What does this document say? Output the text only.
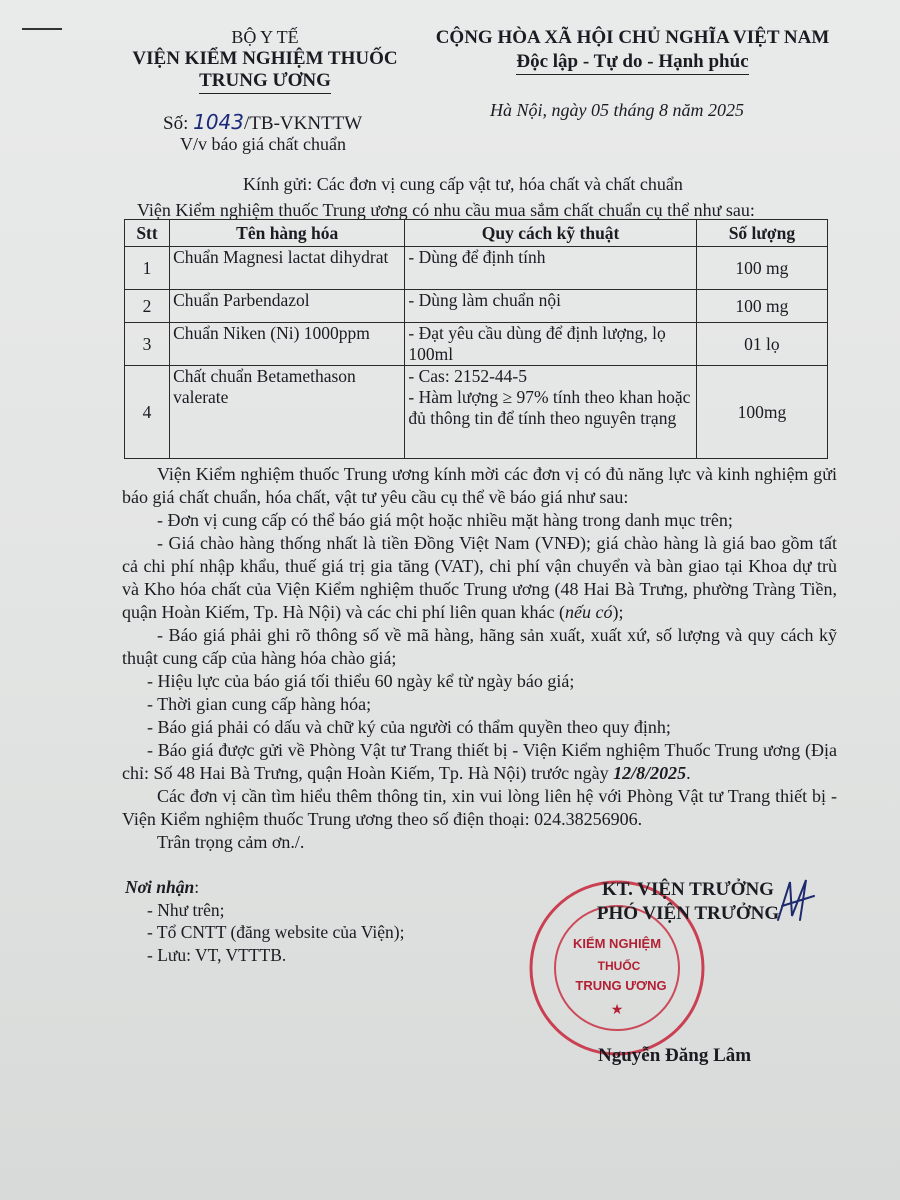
BỘ Y TẾ
VIỆN KIỂM NGHIỆM THUỐC
TRUNG ƯƠNG
CỘNG HÒA XÃ HỘI CHỦ NGHĨA VIỆT NAM
Độc lập - Tự do - Hạnh phúc
Số: 1043/TB-VKNTTW
V/v báo giá chất chuẩn
Hà Nội, ngày 05 tháng 8 năm 2025
Kính gửi: Các đơn vị cung cấp vật tư, hóa chất và chất chuẩn
Viện Kiểm nghiệm thuốc Trung ương có nhu cầu mua sắm chất chuẩn cụ thể như sau:
Stt	Tên hàng hóa	Quy cách kỹ thuật	Số lượng
1	Chuẩn Magnesi lactat dihydrat	- Dùng để định tính	100 mg
2	Chuẩn Parbendazol	- Dùng làm chuẩn nội	100 mg
3	Chuẩn Niken (Ni) 1000ppm	- Đạt yêu cầu dùng để định lượng, lọ 100ml	01 lọ
4	Chất chuẩn Betamethason valerate	- Cas: 2152-44-5
- Hàm lượng ≥ 97% tính theo khan hoặc đủ thông tin để tính theo nguyên trạng	100mg

Viện Kiểm nghiệm thuốc Trung ương kính mời các đơn vị có đủ năng lực và kinh nghiệm gửi báo giá chất chuẩn, hóa chất, vật tư yêu cầu cụ thể về báo giá như sau:

- Đơn vị cung cấp có thể báo giá một hoặc nhiều mặt hàng trong danh mục trên;

- Giá chào hàng thống nhất là tiền Đồng Việt Nam (VNĐ); giá chào hàng là giá bao gồm tất cả chi phí nhập khẩu, thuế giá trị gia tăng (VAT), chi phí vận chuyển và bàn giao tại Khoa dự trù và Kho hóa chất của Viện Kiểm nghiệm thuốc Trung ương (48 Hai Bà Trưng, phường Tràng Tiền, quận Hoàn Kiếm, Tp. Hà Nội) và các chi phí liên quan khác (nếu có);

- Báo giá phải ghi rõ thông số về mã hàng, hãng sản xuất, xuất xứ, số lượng và quy cách kỹ thuật cung cấp của hàng hóa chào giá;

- Hiệu lực của báo giá tối thiểu 60 ngày kể từ ngày báo giá;

- Thời gian cung cấp hàng hóa;

- Báo giá phải có dấu và chữ ký của người có thẩm quyền theo quy định;

- Báo giá được gửi về Phòng Vật tư Trang thiết bị - Viện Kiểm nghiệm Thuốc Trung ương (Địa chỉ: Số 48 Hai Bà Trưng, quận Hoàn Kiếm, Tp. Hà Nội) trước ngày 12/8/2025.

Các đơn vị cần tìm hiểu thêm thông tin, xin vui lòng liên hệ với Phòng Vật tư Trang thiết bị - Viện Kiểm nghiệm thuốc Trung ương theo số điện thoại: 024.38256906.

Trân trọng cảm ơn./.

Nơi nhận:
- Như trên;
- Tổ CNTT (đăng website của Viện);
- Lưu: VT, VTTTB.
KIỂM NGHIỆM
THUỐC
TRUNG ƯƠNG
★
KT. VIỆN TRƯỞNG
PHÓ VIỆN TRƯỞNG
Nguyễn Đăng Lâm
